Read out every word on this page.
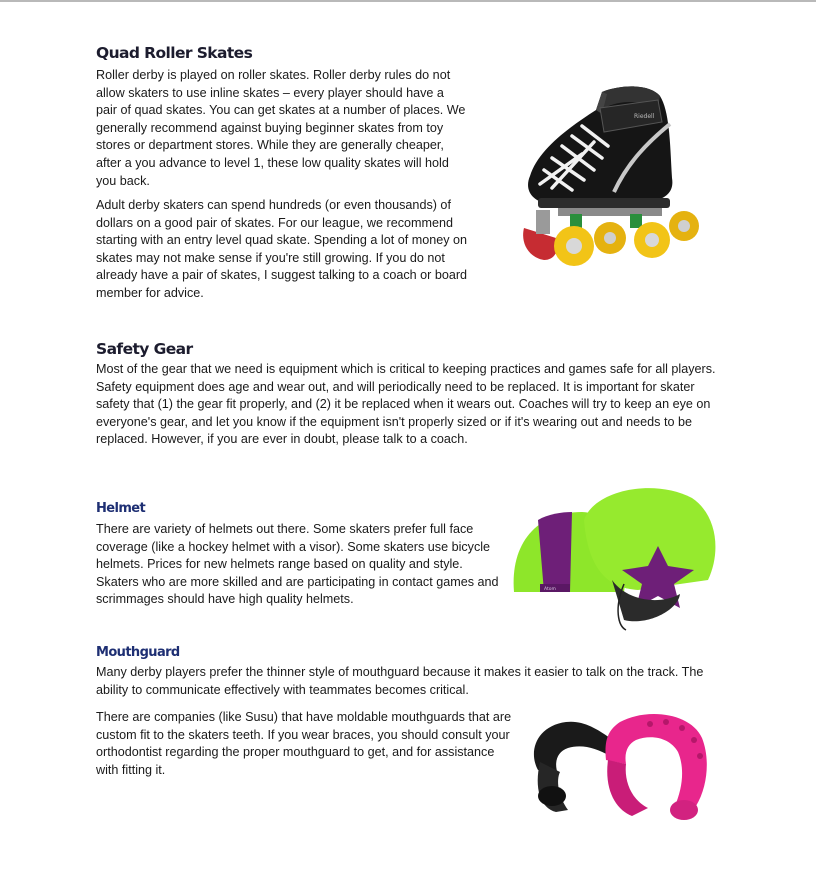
Quad Roller Skates

Roller derby is played on roller skates. Roller derby rules do not allow skaters to use inline skates – every player should have a pair of quad skates. You can get skates at a number of places. We generally recommend against buying beginner skates from toy stores or department stores. While they are generally cheaper, after a you advance to level 1, these low quality skates will hold you back.

Adult derby skaters can spend hundreds (or even thousands) of dollars on a good pair of skates. For our league, we recommend starting with an entry level quad skate. Spending a lot of money on skates may not make sense if you're still growing. If you do not already have a pair of skates, I suggest talking to a coach or board member for advice.

Riedell
Safety Gear

Most of the gear that we need is equipment which is critical to keeping practices and games safe for all players. Safety equipment does age and wear out, and will periodically need to be replaced. It is important for skater safety that (1) the gear fit properly, and (2) it be replaced when it wears out. Coaches will try to keep an eye on everyone's gear, and let you know if the equipment isn't properly sized or if it's wearing out and needs to be replaced. However, if you are ever in doubt, please talk to a coach.

Helmet

There are variety of helmets out there. Some skaters prefer full face coverage (like a hockey helmet with a visor). Some skaters use bicycle helmets. Prices for new helmets range based on quality and style. Skaters who are more skilled and are participating in contact games and scrimmages should have high quality helmets.

Atom
Mouthguard

Many derby players prefer the thinner style of mouthguard because it makes it easier to talk on the track. The ability to communicate effectively with teammates becomes critical.

There are companies (like Susu) that have moldable mouthguards that are custom fit to the skaters teeth. If you wear braces, you should consult your orthodontist regarding the proper mouthguard to get, and for assistance with fitting it.
